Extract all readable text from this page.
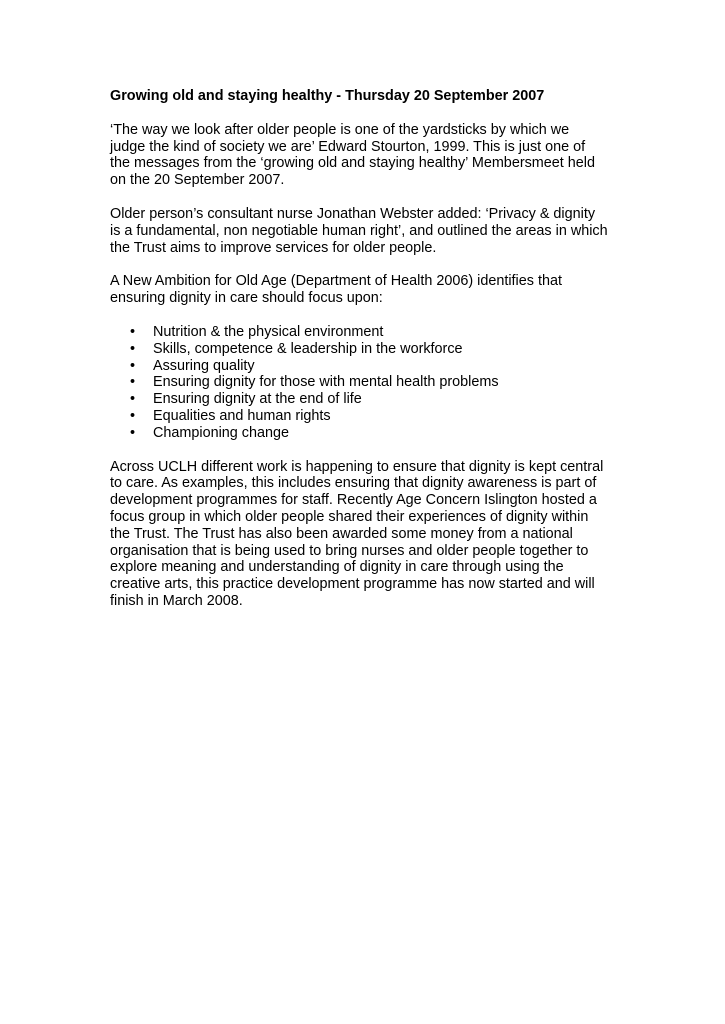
Growing old and staying healthy - Thursday 20 September 2007
‘The way we look after older people is one of the yardsticks by which we
judge the kind of society we are’ Edward Stourton, 1999. This is just one of
the messages from the ‘growing old and staying healthy’ Membersmeet held
on the 20 September 2007.
Older person’s consultant nurse Jonathan Webster added: ‘Privacy & dignity
is a fundamental, non negotiable human right’, and outlined the areas in which
the Trust aims to improve services for older people.
A New Ambition for Old Age (Department of Health 2006) identifies that
ensuring dignity in care should focus upon:
• Nutrition & the physical environment
• Skills, competence & leadership in the workforce
• Assuring quality
• Ensuring dignity for those with mental health problems
• Ensuring dignity at the end of life
• Equalities and human rights
• Championing change
Across UCLH different work is happening to ensure that dignity is kept central
to care. As examples, this includes ensuring that dignity awareness is part of
development programmes for staff. Recently Age Concern Islington hosted a
focus group in which older people shared their experiences of dignity within
the Trust. The Trust has also been awarded some money from a national
organisation that is being used to bring nurses and older people together to
explore meaning and understanding of dignity in care through using the
creative arts, this practice development programme has now started and will
finish in March 2008.
